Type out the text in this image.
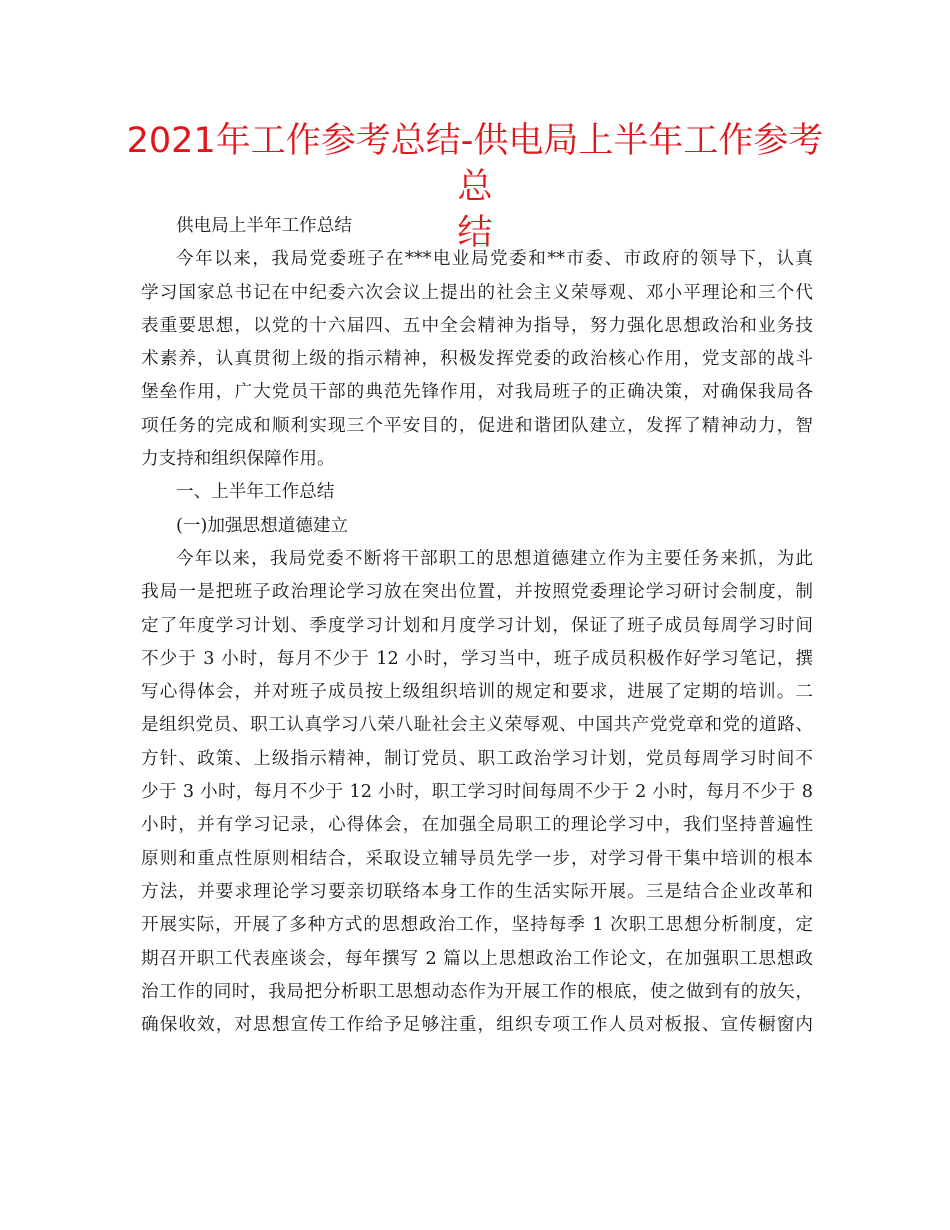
2021年工作参考总结-供电局上半年工作参考总
结
供电局上半年工作总结
今年以来，我局党委班子在***电业局党委和**市委、市政府的领导下，认真
学习国家总书记在中纪委六次会议上提出的社会主义荣辱观、邓小平理论和三个代
表重要思想，以党的十六届四、五中全会精神为指导，努力强化思想政治和业务技
术素养，认真贯彻上级的指示精神，积极发挥党委的政治核心作用，党支部的战斗
堡垒作用，广大党员干部的典范先锋作用，对我局班子的正确决策，对确保我局各
项任务的完成和顺利实现三个平安目的，促进和谐团队建立，发挥了精神动力，智
力支持和组织保障作用。
一、上半年工作总结
(一)加强思想道德建立
今年以来，我局党委不断将干部职工的思想道德建立作为主要任务来抓，为此
我局一是把班子政治理论学习放在突出位置，并按照党委理论学习研讨会制度，制
定了年度学习计划、季度学习计划和月度学习计划，保证了班子成员每周学习时间
不少于 3 小时，每月不少于 12 小时，学习当中，班子成员积极作好学习笔记，撰
写心得体会，并对班子成员按上级组织培训的规定和要求，进展了定期的培训。二
是组织党员、职工认真学习八荣八耻社会主义荣辱观、中国共产党党章和党的道路、
方针、政策、上级指示精神，制订党员、职工政治学习计划，党员每周学习时间不
少于 3 小时，每月不少于 12 小时，职工学习时间每周不少于 2 小时，每月不少于 8
小时，并有学习记录，心得体会，在加强全局职工的理论学习中，我们坚持普遍性
原则和重点性原则相结合，采取设立辅导员先学一步，对学习骨干集中培训的根本
方法，并要求理论学习要亲切联络本身工作的生活实际开展。三是结合企业改革和
开展实际，开展了多种方式的思想政治工作，坚持每季 1 次职工思想分析制度，定
期召开职工代表座谈会，每年撰写 2 篇以上思想政治工作论文，在加强职工思想政
治工作的同时，我局把分析职工思想动态作为开展工作的根底，使之做到有的放矢，
确保收效，对思想宣传工作给予足够注重，组织专项工作人员对板报、宣传橱窗内
